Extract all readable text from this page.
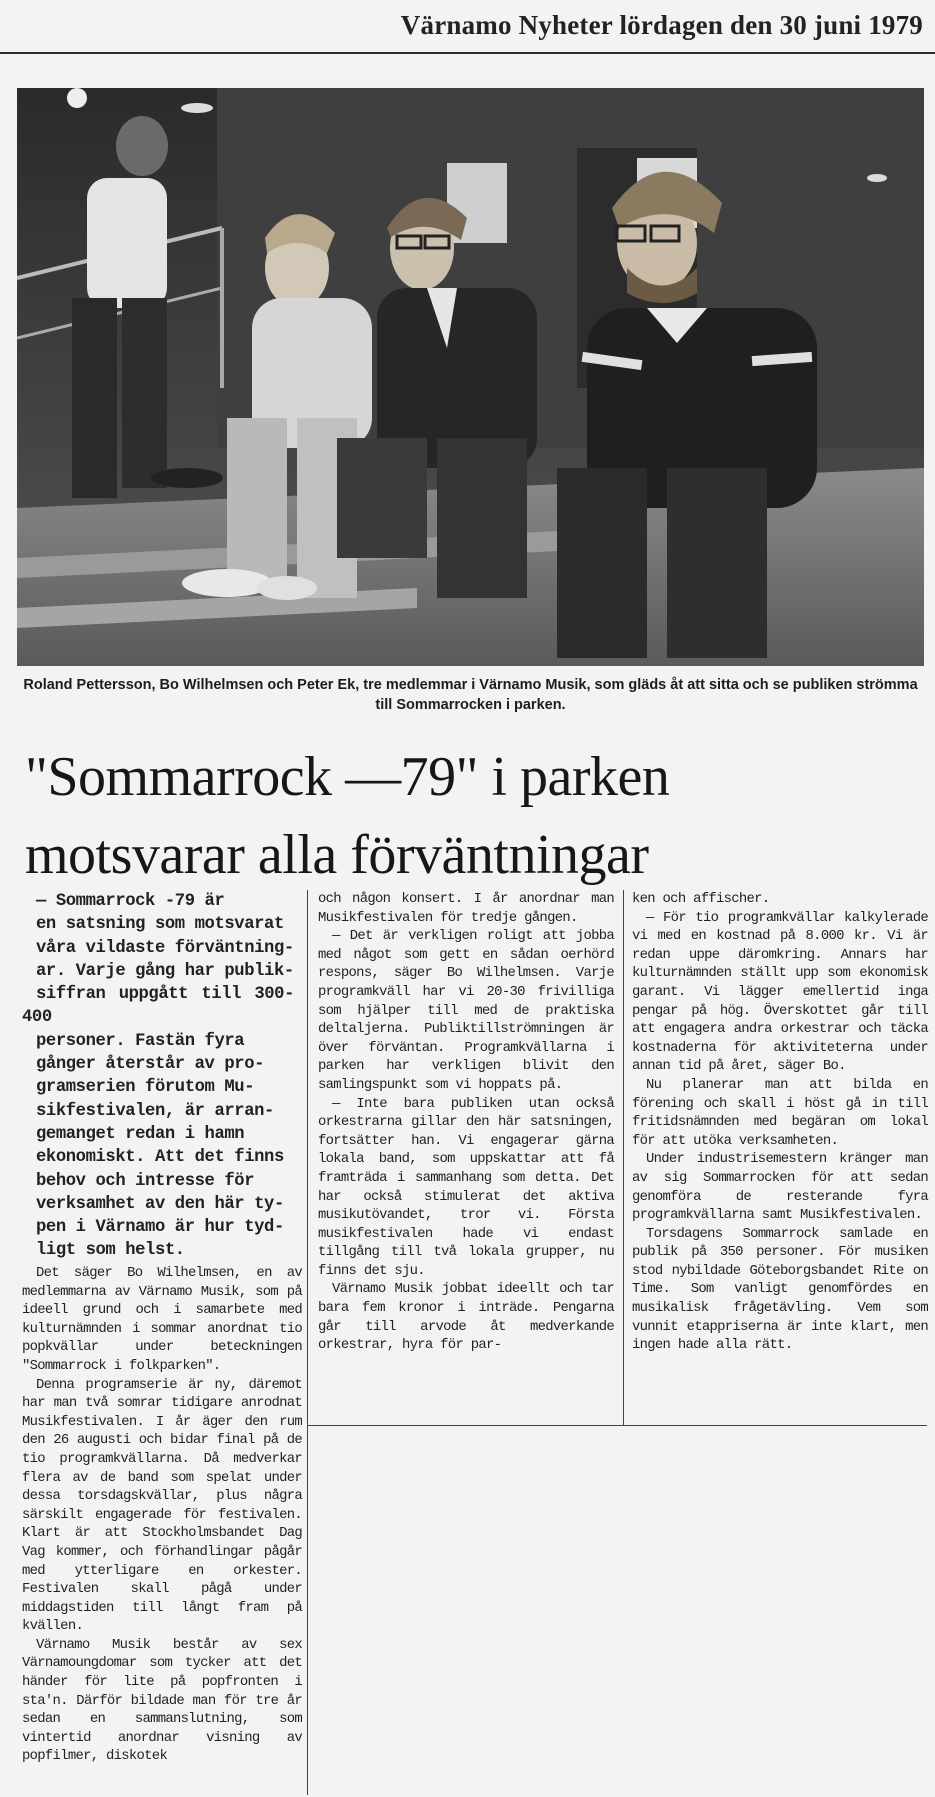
Värnamo Nyheter lördagen den 30 juni 1979
Roland Pettersson, Bo Wilhelmsen och Peter Ek, tre medlemmar i Värnamo Musik, som gläds åt att sitta och se publiken strömma till Sommarrocken i parken.
"Sommarrock —79" i parken
motsvarar alla förväntningar

— Sommarrock -79 är

en satsning som motsvarat

våra vildaste förväntning-

ar. Varje gång har publik-

siffran uppgått till 300-400

personer. Fastän fyra

gånger återstår av pro-

gramserien förutom Mu-

sikfestivalen, är arran-

gemanget redan i hamn

ekonomiskt. Att det finns

behov och intresse för

verksamhet av den här ty-

pen i Värnamo är hur tyd-

ligt som helst.

Det säger Bo Wilhelmsen, en av medlemmarna av Värnamo Musik, som på ideell grund och i samarbete med kulturnämnden i sommar anordnat tio popkvällar under beteckningen "Sommarrock i folkparken".

Denna programserie är ny, däremot har man två somrar tidigare anrodnat Musikfestivalen. I år äger den rum den 26 augusti och bidar final på de tio programkvällarna. Då medverkar flera av de band som spelat under dessa torsdagskvällar, plus några särskilt engagerade för festivalen. Klart är att Stockholmsbandet Dag Vag kommer, och förhandlingar pågår med ytterligare en orkester. Festivalen skall pågå under middagstiden till långt fram på kvällen.

Värnamo Musik består av sex Värnamoungdomar som tycker att det händer för lite på popfronten i sta'n. Därför bildade man för tre år sedan en sammanslutning, som vintertid anordnar visning av popfilmer, diskotek

och någon konsert. I år anordnar man Musikfestivalen för tredje gången.

— Det är verkligen roligt att jobba med något som gett en sådan oerhörd respons, säger Bo Wilhelmsen. Varje programkväll har vi 20-30 frivilliga som hjälper till med de praktiska deltaljerna. Publiktillströmningen är över förväntan. Programkvällarna i parken har verkligen blivit den samlingspunkt som vi hoppats på.

— Inte bara publiken utan också orkestrarna gillar den här satsningen, fortsätter han. Vi engagerar gärna lokala band, som uppskattar att få framträda i sammanhang som detta. Det har också stimulerat det aktiva musikutövandet, tror vi. Första musikfestivalen hade vi endast tillgång till två lokala grupper, nu finns det sju.

Värnamo Musik jobbat ideellt och tar bara fem kronor i inträde. Pengarna går till arvode åt medverkande orkestrar, hyra för par-

ken och affischer.

— För tio programkvällar kalkylerade vi med en kostnad på 8.000 kr. Vi är redan uppe däromkring. Annars har kulturnämnden ställt upp som ekonomisk garant. Vi lägger emellertid inga pengar på hög. Överskottet går till att engagera andra orkestrar och täcka kostnaderna för aktiviteterna under annan tid på året, säger Bo.

Nu planerar man att bilda en förening och skall i höst gå in till fritidsnämnden med begäran om lokal för att utöka verksamheten.

Under industrisemestern kränger man av sig Sommarrocken för att sedan genomföra de resterande fyra programkvällarna samt Musikfestivalen.

Torsdagens Sommarrock samlade en publik på 350 personer. För musiken stod nybildade Göteborgsbandet Rite on Time. Som vanligt genomfördes en musikalisk frågetävling. Vem som vunnit etappriserna är inte klart, men ingen hade alla rätt.
